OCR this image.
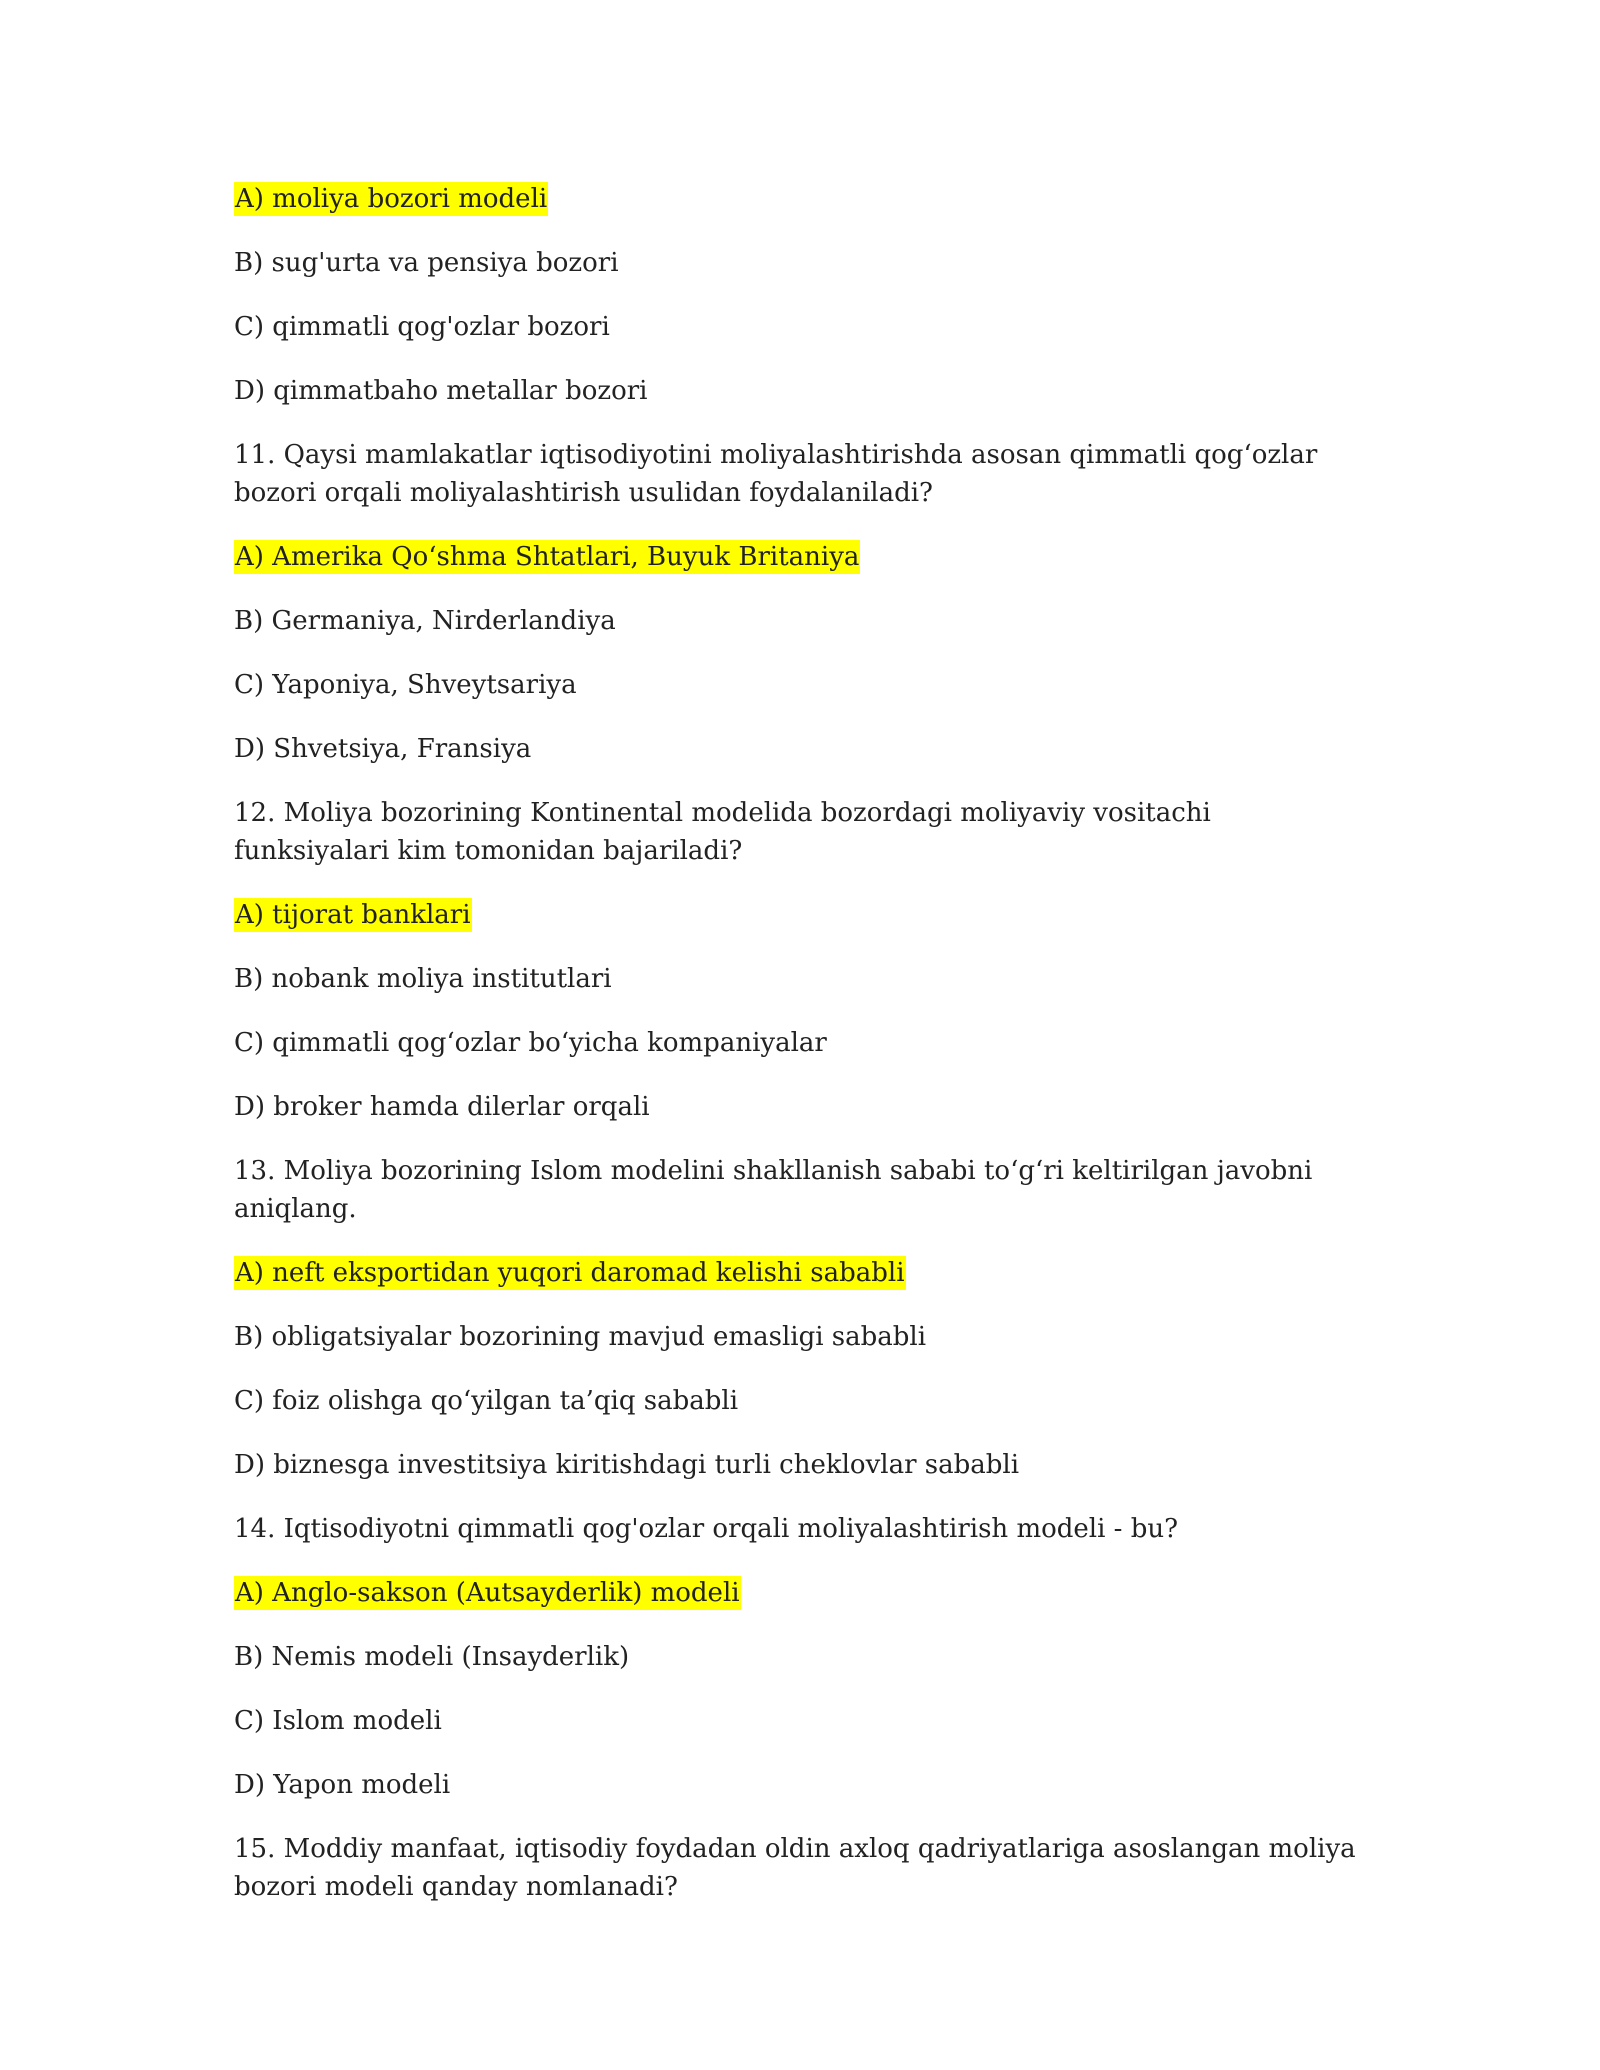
A) moliya bozori modeli

B) sug'urta va pensiya bozori

C) qimmatli qog'ozlar bozori

D) qimmatbaho metallar bozori

11. Qaysi mamlakatlar iqtisodiyotini moliyalashtirishda asosan qimmatli qog‘ozlar bozori orqali moliyalashtirish usulidan foydalaniladi?

A) Amerika Qo‘shma Shtatlari, Buyuk Britaniya

B) Germaniya, Nirderlandiya

C) Yaponiya, Shveytsariya

D) Shvetsiya, Fransiya

12. Moliya bozorining Kontinental modelida bozordagi moliyaviy vositachi funksiyalari kim tomonidan bajariladi?

A) tijorat banklari

B) nobank moliya institutlari

C) qimmatli qog‘ozlar bo‘yicha kompaniyalar

D) broker hamda dilerlar orqali

13. Moliya bozorining Islom modelini shakllanish sababi to‘g‘ri keltirilgan javobni aniqlang.

A) neft eksportidan yuqori daromad kelishi sababli

B) obligatsiyalar bozorining mavjud emasligi sababli

C) foiz olishga qo‘yilgan ta’qiq sababli

D) biznesga investitsiya kiritishdagi turli cheklovlar sababli

14. Iqtisodiyotni qimmatli qog'ozlar orqali moliyalashtirish modeli - bu?

A) Anglo-sakson (Autsayderlik) modeli

B) Nemis modeli (Insayderlik)

C) Islom modeli

D) Yapon modeli

15. Moddiy manfaat, iqtisodiy foydadan oldin axloq qadriyatlariga asoslangan moliya bozori modeli qanday nomlanadi?
